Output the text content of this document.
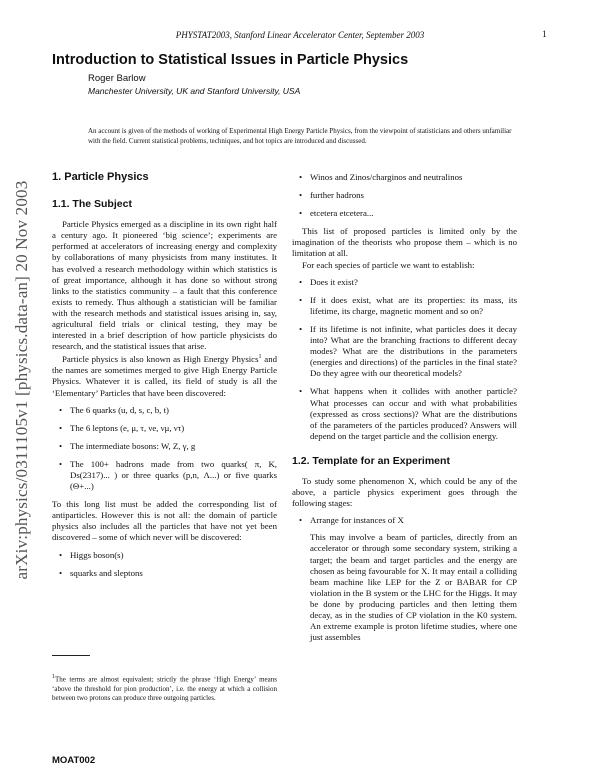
PHYSTAT2003, Stanford Linear Accelerator Center, September 2003	1
arXiv:physics/0311105v1 [physics.data-an] 20 Nov 2003
Introduction to Statistical Issues in Particle Physics
Roger Barlow
Manchester University, UK and Stanford University, USA
An account is given of the methods of working of Experimental High Energy Particle Physics, from the viewpoint of statisticians and others unfamiliar with the field. Current statistical problems, techniques, and hot topics are introduced and discussed.
1. Particle Physics
1.1. The Subject

Particle Physics emerged as a discipline in its own right half a century ago. It pioneered ‘big science’; experiments are performed at accelerators of increasing energy and complexity by collaborations of many physicists from many institutes. It has evolved a research methodology within which statistics is of great importance, although it has done so without strong links to the statistics community – a fault that this conference exists to remedy. Thus although a statistician will be familiar with the research methods and statistical issues arising in, say, agricultural field trials or clinical testing, they may be interested in a brief description of how particle physicists do research, and the statistical issues that arise.

Particle physics is also known as High Energy Physics$^1$ and the names are sometimes merged to give High Energy Particle Physics. Whatever it is called, its field of study is all the ‘Elementary’ Particles that have been discovered:

• The 6 quarks (u, d, s, c, b, t)
• The 6 leptons (e, μ, τ, νe, νμ, ντ)
• The intermediate bosons: W, Z, γ, g
• The 100+ hadrons made from two quarks( π, K, Ds(2317)... ) or three quarks (p,n, Λ...) or five quarks (Θ+...)

To this long list must be added the corresponding list of antiparticles. However this is not all: the domain of particle physics also includes all the particles that have not yet been discovered – some of which never will be discovered:

• Higgs boson(s)
• squarks and sleptons
$^1$The terms are almost equivalent; strictly the phrase ‘High Energy’ means ‘above the threshold for pion production’, i.e. the energy at which a collision between two protons can produce three outgoing particles.
• Winos and Zinos/charginos and neutralinos
• further hadrons
• etcetera etcetera...

This list of proposed particles is limited only by the imagination of the theorists who propose them – which is no limitation at all.

For each species of particle we want to establish:

• Does it exist?
• If it does exist, what are its properties: its mass, its lifetime, its charge, magnetic moment and so on?
• If its lifetime is not infinite, what particles does it decay into? What are the branching fractions to different decay modes? What are the distributions in the parameters (energies and directions) of the particles in the final state? Do they agree with our theoretical models?
• What happens when it collides with another particle? What processes can occur and with what probabilities (expressed as cross sections)? What are the distributions of the parameters of the particles produced? Answers will depend on the target particle and the collision energy.
1.2. Template for an Experiment

To study some phenomenon X, which could be any of the above, a particle physics experiment goes through the following stages:

• Arrange for instances of X

This may involve a beam of particles, directly from an accelerator or through some secondary system, striking a target; the beam and target particles and the energy are chosen as being favourable for X. It may entail a colliding beam machine like LEP for the Z or BABAR for CP violation in the B system or the LHC for the Higgs. It may be done by producing particles and then letting them decay, as in the studies of CP violation in the K0 system. An extreme example is proton lifetime studies, where one just assembles

MOAT002
